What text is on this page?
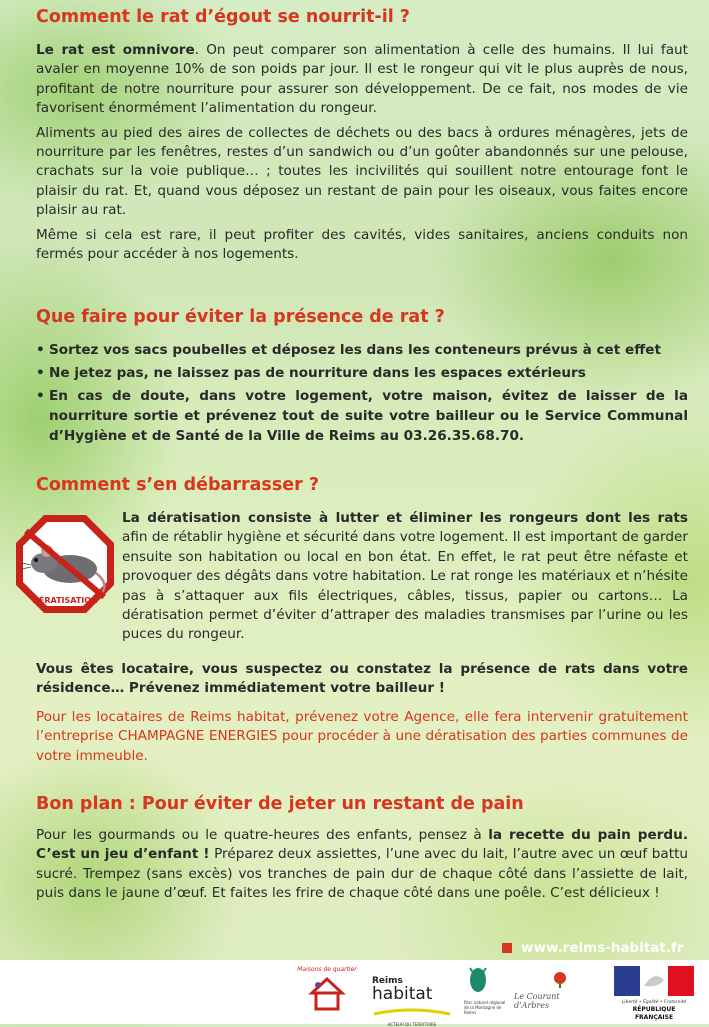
Comment le rat d’égout se nourrit-il ?

Le rat est omnivore. On peut comparer son alimentation à celle des humains. Il lui faut avaler en moyenne 10% de son poids par jour. Il est le rongeur qui vit le plus auprès de nous, profitant de notre nourriture pour assurer son développement. De ce fait, nos modes de vie favorisent énormément l’alimentation du rongeur.

Aliments au pied des aires de collectes de déchets ou des bacs à ordures ménagères, jets de nourriture par les fenêtres, restes d’un sandwich ou d’un goûter abandonnés sur une pelouse, crachats sur la voie publique… ; toutes les incivilités qui souillent notre entourage font le plaisir du rat. Et, quand vous déposez un restant de pain pour les oiseaux, vous faites encore plaisir au rat.

Même si cela est rare, il peut profiter des cavités, vides sanitaires, anciens conduits non fermés pour accéder à nos logements.

Que faire pour éviter la présence de rat ?
• Sortez vos sacs poubelles et déposez les dans les conteneurs prévus à cet effet
• Ne jetez pas, ne laissez pas de nourriture dans les espaces extérieurs
• En cas de doute, dans votre logement, votre maison, évitez de laisser de la nourriture sortie et prévenez tout de suite votre bailleur ou le Service Communal d’Hygiène et de Santé de la Ville de Reims au 03.26.35.68.70.
Comment s’en débarrasser ?
DÉRATISATION

La dératisation consiste à lutter et éliminer les rongeurs dont les rats afin de rétablir hygiène et sécurité dans votre logement. Il est important de garder ensuite son habitation ou local en bon état. En effet, le rat peut être néfaste et provoquer des dégâts dans votre habitation. Le rat ronge les matériaux et n’hésite pas à s’attaquer aux fils électriques, câbles, tissus, papier ou cartons… La dératisation permet d’éviter d’attraper des maladies transmises par l’urine ou les puces du rongeur.

Vous êtes locataire, vous suspectez ou constatez la présence de rats dans votre résidence… Prévenez immédiatement votre bailleur !

Pour les locataires de Reims habitat, prévenez votre Agence, elle fera intervenir gratuitement l’entreprise CHAMPAGNE ENERGIES pour procéder à une dératisation des parties communes de votre immeuble.

Bon plan : Pour éviter de jeter un restant de pain

Pour les gourmands ou le quatre-heures des enfants, pensez à la recette du pain perdu. C’est un jeu d’enfant ! Préparez deux assiettes, l’une avec du lait, l’autre avec un œuf battu sucré. Trempez (sans excès) vos tranches de pain dur de chaque côté dans l’assiette de lait, puis dans le jaune d’œuf. Et faites les frire de chaque côté dans une poêle. C’est délicieux !

www.reims-habitat.fr
Maisons de quartier
Reims
habitat
ACTEUR DU TERRITOIRE
Parc naturel régional de la Montagne de Reims
Le Courant d’Arbres	Liberté • Égalité • Fraternité
RÉPUBLIQUE FRANÇAISE
